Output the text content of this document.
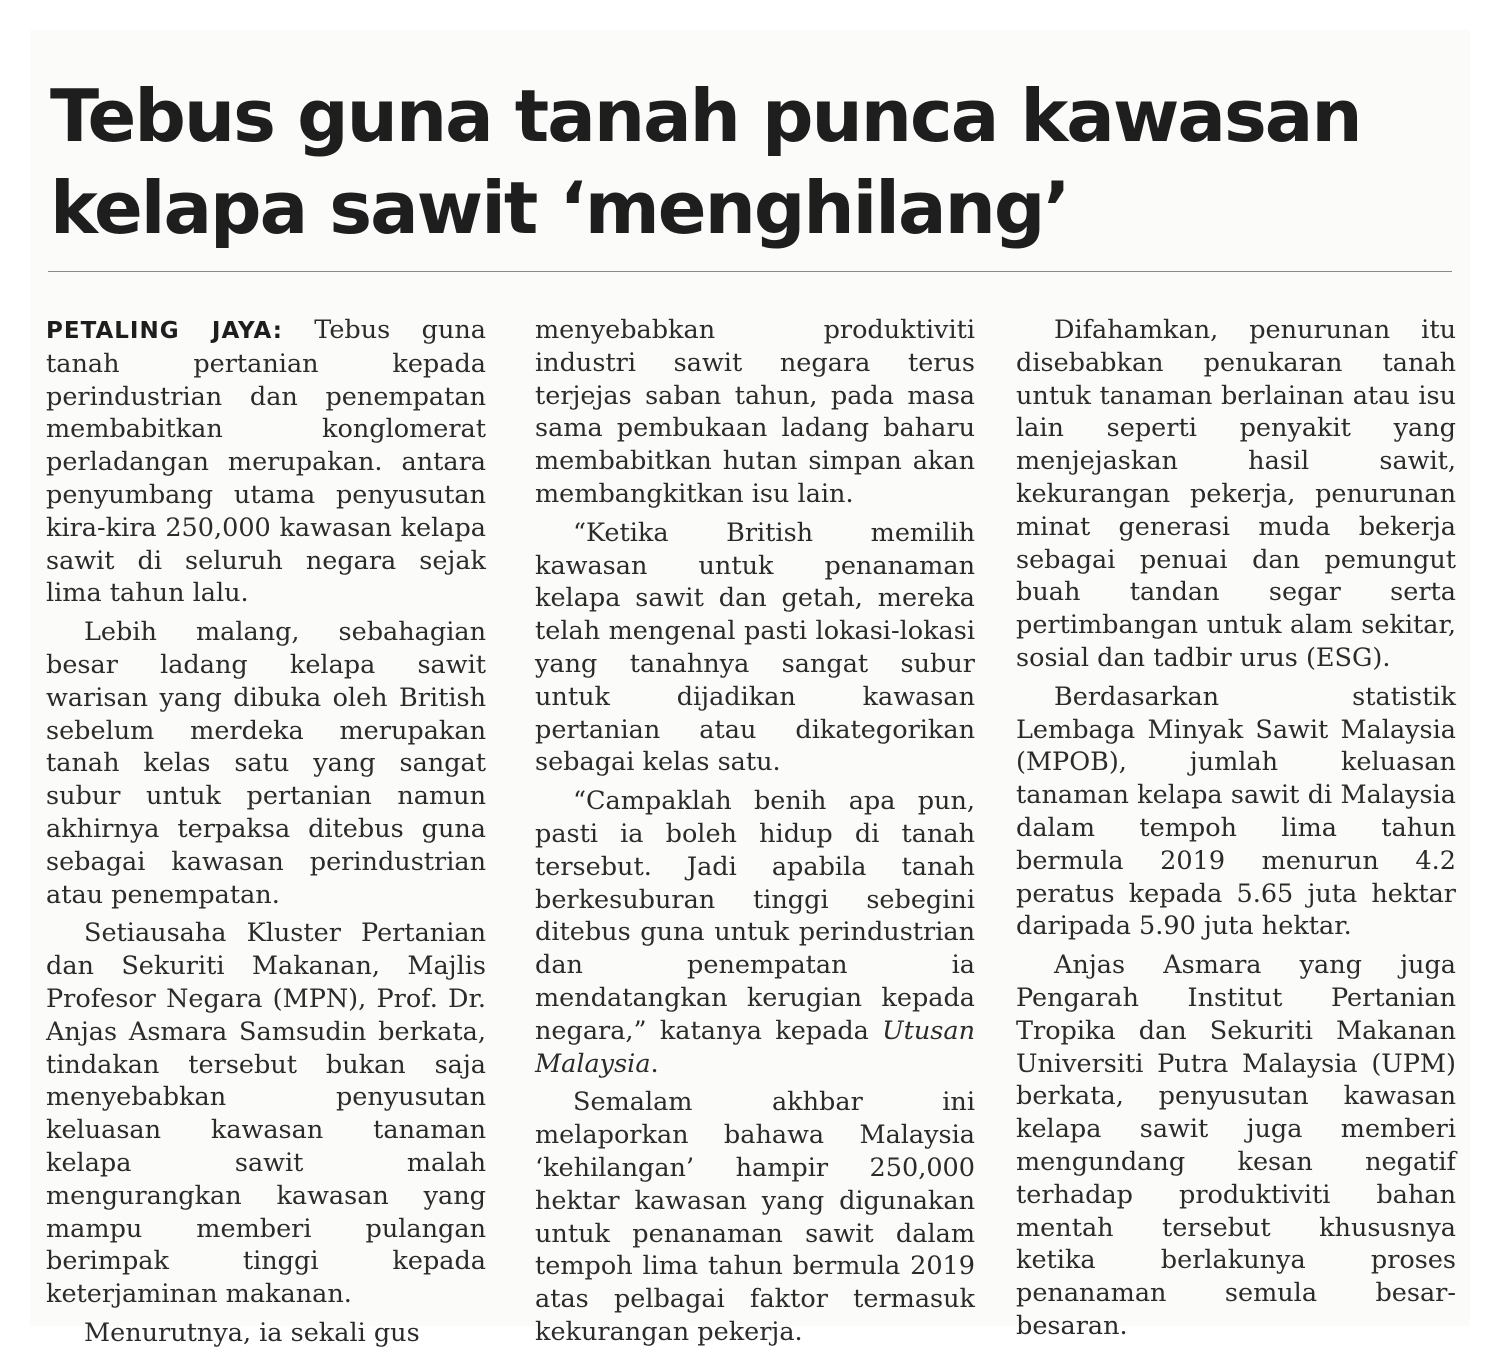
Tebus guna tanah punca kawasan
kelapa sawit ‘menghilang’

PETALING JAYA: Tebus guna tanah pertanian kepada perindustrian dan penempatan membabitkan konglomerat perladangan merupakan. antara penyumbang utama penyusutan kira-kira 250,000 kawasan kelapa sawit di seluruh negara sejak lima tahun lalu.

Lebih malang, sebahagian besar ladang kelapa sawit warisan yang dibuka oleh British sebelum merdeka merupakan tanah kelas satu yang sangat subur untuk pertanian namun akhirnya terpaksa ditebus guna sebagai kawasan perindustrian atau penempatan.

Setiausaha Kluster Pertanian dan Sekuriti Makanan, Majlis Profesor Negara (MPN), Prof. Dr. Anjas Asmara Samsudin berkata, tindakan tersebut bukan saja menyebabkan penyusutan keluasan kawasan tanaman kelapa sawit malah mengurangkan kawasan yang mampu memberi pulangan berimpak tinggi kepada keterjaminan makanan.

Menurutnya, ia sekali gus

menyebabkan produktiviti industri sawit negara terus terjejas saban tahun, pada masa sama pembukaan ladang baharu membabitkan hutan simpan akan membangkitkan isu lain.

“Ketika British memilih kawasan untuk penanaman kelapa sawit dan getah, mereka telah mengenal pasti lokasi-lokasi yang tanahnya sangat subur untuk dijadikan kawasan pertanian atau dikategorikan sebagai kelas satu.

“Campaklah benih apa pun, pasti ia boleh hidup di tanah tersebut. Jadi apabila tanah berkesuburan tinggi sebegini ditebus guna untuk perindustrian dan penempatan ia mendatangkan kerugian kepada negara,” katanya kepada Utusan Malaysia.

Semalam akhbar ini melaporkan bahawa Malaysia ‘kehilangan’ hampir 250,000 hektar kawasan yang digunakan untuk penanaman sawit dalam tempoh lima tahun bermula 2019 atas pelbagai faktor termasuk kekurangan pekerja.

Difahamkan, penurunan itu disebabkan penukaran tanah untuk tanaman berlainan atau isu lain seperti penyakit yang menjejaskan hasil sawit, kekurangan pekerja, penurunan minat generasi muda bekerja sebagai penuai dan pemungut buah tandan segar serta pertimbangan untuk alam sekitar, sosial dan tadbir urus (ESG).

Berdasarkan statistik Lembaga Minyak Sawit Malaysia (MPOB), jumlah keluasan tanaman kelapa sawit di Malaysia dalam tempoh lima tahun bermula 2019 menurun 4.2 peratus kepada 5.65 juta hektar daripada 5.90 juta hektar.

Anjas Asmara yang juga Pengarah Institut Pertanian Tropika dan Sekuriti Makanan Universiti Putra Malaysia (UPM) berkata, penyusutan kawasan kelapa sawit juga memberi mengundang kesan negatif terhadap produktiviti bahan mentah tersebut khususnya ketika berlakunya proses penanaman semula besar-besaran.
